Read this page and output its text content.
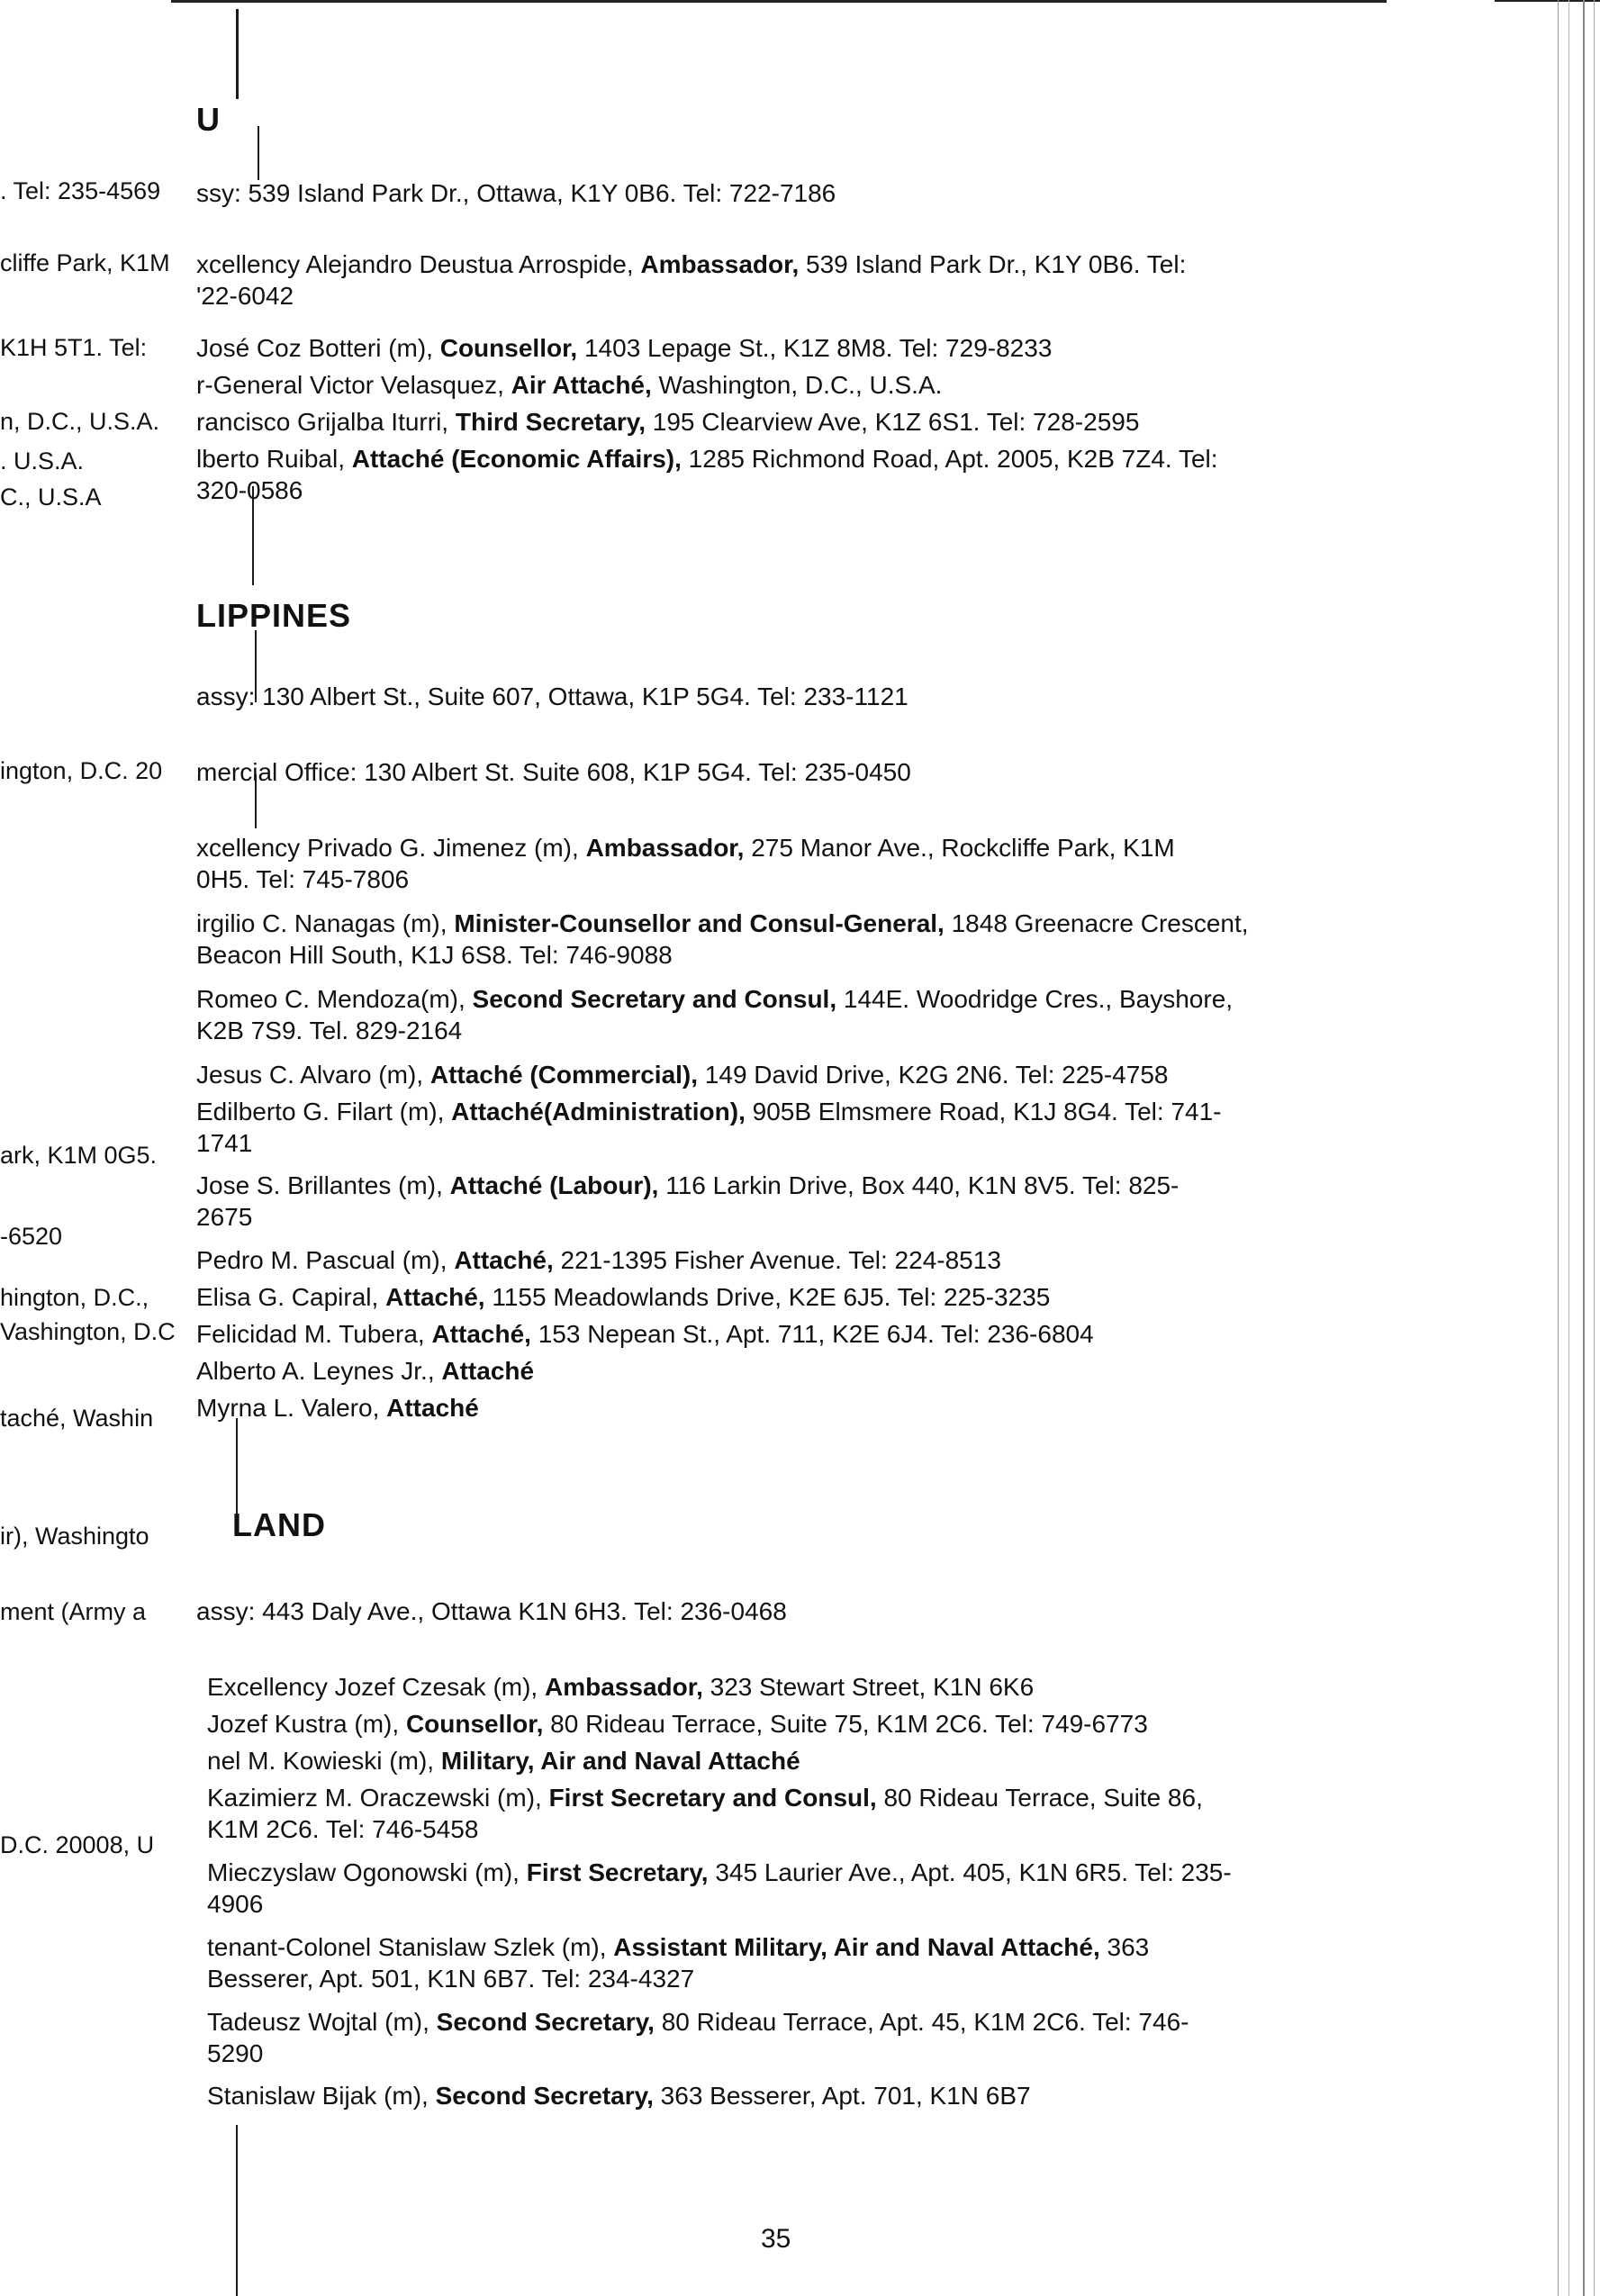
. Tel: 235-4569
cliffe Park, K1M
K1H 5T1. Tel:
n, D.C., U.S.A.
. U.S.A.
C., U.S.A
ington, D.C. 20
ark, K1M 0G5.
-6520
hington, D.C.,
Vashington, D.C
taché, Washin
ir), Washingto
ment (Army a
D.C. 20008, U
U
ssy: 539 Island Park Dr., Ottawa, K1Y 0B6. Tel: 722-7186
xcellency Alejandro Deustua Arrospide, Ambassador, 539 Island Park Dr., K1Y 0B6. Tel:
'22-6042
José Coz Botteri (m), Counsellor, 1403 Lepage St., K1Z 8M8. Tel: 729-8233
r-General Victor Velasquez, Air Attaché, Washington, D.C., U.S.A.
rancisco Grijalba Iturri, Third Secretary, 195 Clearview Ave, K1Z 6S1. Tel: 728-2595
lberto Ruibal, Attaché (Economic Affairs), 1285 Richmond Road, Apt. 2005, K2B 7Z4. Tel:
320-0586
LIPPINES
assy: 130 Albert St., Suite 607, Ottawa, K1P 5G4. Tel: 233-1121
mercial Office: 130 Albert St. Suite 608, K1P 5G4. Tel: 235-0450
xcellency Privado G. Jimenez (m), Ambassador, 275 Manor Ave., Rockcliffe Park, K1M
0H5. Tel: 745-7806
irgilio C. Nanagas (m), Minister-Counsellor and Consul-General, 1848 Greenacre Crescent,
Beacon Hill South, K1J 6S8. Tel: 746-9088
Romeo C. Mendoza(m), Second Secretary and Consul, 144E. Woodridge Cres., Bayshore,
K2B 7S9. Tel. 829-2164
Jesus C. Alvaro (m), Attaché (Commercial), 149 David Drive, K2G 2N6. Tel: 225-4758
Edilberto G. Filart (m), Attaché(Administration), 905B Elmsmere Road, K1J 8G4. Tel: 741-
1741
Jose S. Brillantes (m), Attaché (Labour), 116 Larkin Drive, Box 440, K1N 8V5. Tel: 825-
2675
Pedro M. Pascual (m), Attaché, 221-1395 Fisher Avenue. Tel: 224-8513
Elisa G. Capiral, Attaché, 1155 Meadowlands Drive, K2E 6J5. Tel: 225-3235
Felicidad M. Tubera, Attaché, 153 Nepean St., Apt. 711, K2E 6J4. Tel: 236-6804
Alberto A. Leynes Jr., Attaché
Myrna L. Valero, Attaché
LAND
assy: 443 Daly Ave., Ottawa K1N 6H3. Tel: 236-0468
Excellency Jozef Czesak (m), Ambassador, 323 Stewart Street, K1N 6K6
Jozef Kustra (m), Counsellor, 80 Rideau Terrace, Suite 75, K1M 2C6. Tel: 749-6773
nel M. Kowieski (m), Military, Air and Naval Attaché
Kazimierz M. Oraczewski (m), First Secretary and Consul, 80 Rideau Terrace, Suite 86,
K1M 2C6. Tel: 746-5458
Mieczyslaw Ogonowski (m), First Secretary, 345 Laurier Ave., Apt. 405, K1N 6R5. Tel: 235-
4906
tenant-Colonel Stanislaw Szlek (m), Assistant Military, Air and Naval Attaché, 363
Besserer, Apt. 501, K1N 6B7. Tel: 234-4327
Tadeusz Wojtal (m), Second Secretary, 80 Rideau Terrace, Apt. 45, K1M 2C6. Tel: 746-
5290
Stanislaw Bijak (m), Second Secretary, 363 Besserer, Apt. 701, K1N 6B7
35
